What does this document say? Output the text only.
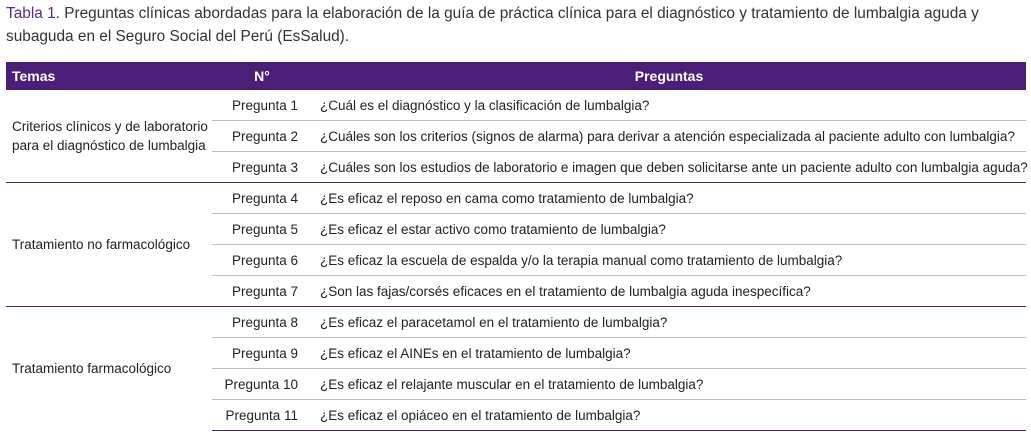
Tabla 1. Preguntas clínicas abordadas para la elaboración de la guía de práctica clínica para el diagnóstico y tratamiento de lumbalgia aguda y subaguda en el Seguro Social del Perú (EsSalud).
Temas	N°	Preguntas
Criterios clínicos y de laboratorio para el diagnóstico de lumbalgia	Pregunta 1	¿Cuál es el diagnóstico y la clasificación de lumbalgia?
	Pregunta 2	¿Cuáles son los criterios (signos de alarma) para derivar a atención especializada al paciente adulto con lumbalgia?
	Pregunta 3	¿Cuáles son los estudios de laboratorio e imagen que deben solicitarse ante un paciente adulto con lumbalgia aguda?
Tratamiento no farmacológico	Pregunta 4	¿Es eficaz el reposo en cama como tratamiento de lumbalgia?
	Pregunta 5	¿Es eficaz el estar activo como tratamiento de lumbalgia?
	Pregunta 6	¿Es eficaz la escuela de espalda y/o la terapia manual como tratamiento de lumbalgia?
	Pregunta 7	¿Son las fajas/corsés eficaces en el tratamiento de lumbalgia aguda inespecífica?
Tratamiento farmacológico	Pregunta 8	¿Es eficaz el paracetamol en el tratamiento de lumbalgia?
	Pregunta 9	¿Es eficaz el AINEs en el tratamiento de lumbalgia?
	Pregunta 10	¿Es eficaz el relajante muscular en el tratamiento de lumbalgia?
	Pregunta 11	¿Es eficaz el opiáceo en el tratamiento de lumbalgia?
